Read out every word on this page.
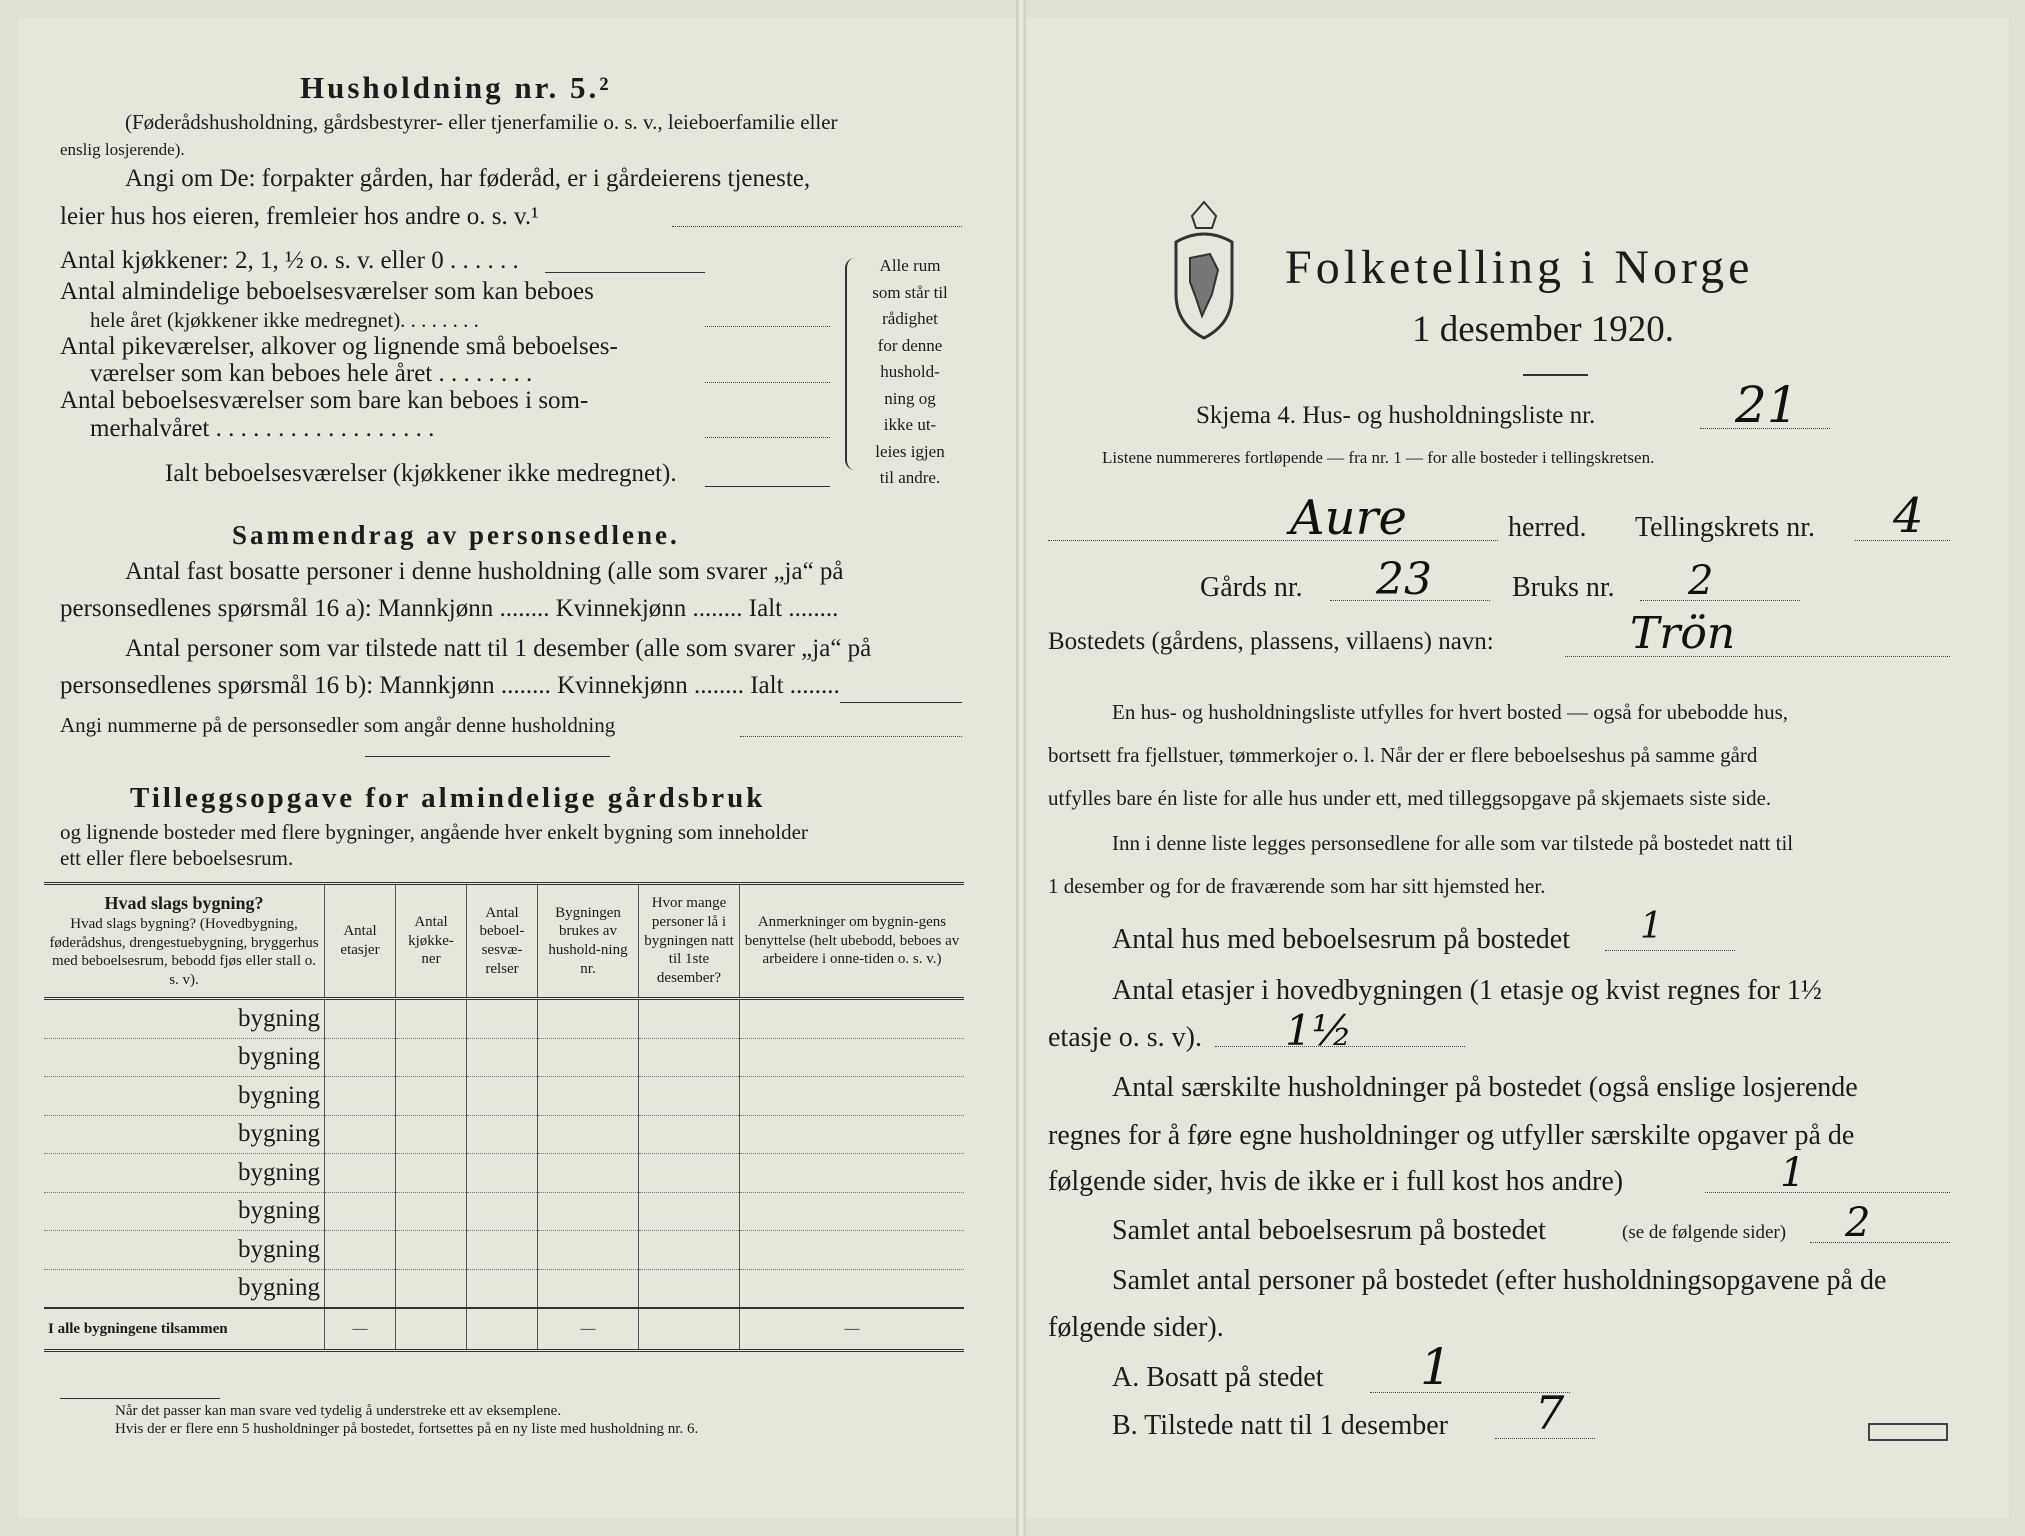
Husholdning nr. 5.²
(Føderådshusholdning, gårdsbestyrer- eller tjenerfamilie o. s. v., leieboerfamilie eller
enslig losjerende).
Angi om De: forpakter gården, har føderåd, er i gårdeierens tjeneste,
leier hus hos eieren, fremleier hos andre o. s. v.¹
Antal kjøkkener: 2, 1, ½ o. s. v. eller 0 . . . . . .
Antal almindelige beboelsesværelser som kan beboes
hele året (kjøkkener ikke medregnet). . . . . . . .
Antal pikeværelser, alkover og lignende små beboelses-
værelser som kan beboes hele året . . . . . . . .
Antal beboelsesværelser som bare kan beboes i som-
merhalvåret . . . . . . . . . . . . . . . . . .
Ialt beboelsesværelser (kjøkkener ikke medregnet).
Alle rum
som står til
rådighet
for denne
hushold-
ning og
ikke ut-
leies igjen
til andre.
Sammendrag av personsedlene.
Antal fast bosatte personer i denne husholdning (alle som svarer „ja“ på
personsedlenes spørsmål 16 a): Mannkjønn ........ Kvinnekjønn ........ Ialt ........
Antal personer som var tilstede natt til 1 desember (alle som svarer „ja“ på
personsedlenes spørsmål 16 b): Mannkjønn ........ Kvinnekjønn ........ Ialt ........
Angi nummerne på de personsedler som angår denne husholdning
Tilleggsopgave for almindelige gårdsbruk
og lignende bosteder med flere bygninger, angående hver enkelt bygning som inneholder
ett eller flere beboelsesrum.
Hvad slags bygning?
Hvad slags bygning? (Hovedbygning, føderådshus, drengestuebygning, bryggerhus med beboelsesrum, bebodd fjøs eller stall o. s. v).	Antal etasjer	Antal kjøkke-ner	Antal beboel-sesvæ-relser	Bygningen brukes av hushold-ning nr.	Hvor mange personer lå i bygningen natt til 1ste desember?	Anmerkninger om bygnin-gens benyttelse (helt ubebodd, beboes av arbeidere i onne-tiden o. s. v.)
bygning						
bygning						
bygning						
bygning						
bygning						
bygning						
bygning						
bygning						
I alle bygningene tilsammen	—			—		—
Når det passer kan man svare ved tydelig å understreke ett av eksemplene.
Hvis der er flere enn 5 husholdninger på bostedet, fortsettes på en ny liste med husholdning nr. 6.
Folketelling i Norge
1 desember 1920.
Skjema 4. Hus- og husholdningsliste nr.	21
Listene nummereres fortløpende — fra nr. 1 — for alle bosteder i tellingskretsen.
Aure	herred. Tellingskrets nr. 4
Gårds nr. 23	Bruks nr. 2
Bostedets (gårdens, plassens, villaens) navn:	Trön
En hus- og husholdningsliste utfylles for hvert bosted — også for ubebodde hus,
bortsett fra fjellstuer, tømmerkojer o. l. Når der er flere beboelseshus på samme gård
utfylles bare én liste for alle hus under ett, med tilleggsopgave på skjemaets siste side.
Inn i denne liste legges personsedlene for alle som var tilstede på bostedet natt til
1 desember og for de fraværende som har sitt hjemsted her.
Antal hus med beboelsesrum på bostedet 1
Antal etasjer i hovedbygningen (1 etasje og kvist regnes for 1½
etasje o. s. v). 1½
Antal særskilte husholdninger på bostedet (også enslige losjerende
regnes for å føre egne husholdninger og utfyller særskilte opgaver på de
følgende sider, hvis de ikke er i full kost hos andre)	1
Samlet antal beboelsesrum på bostedet	(se de følgende sider) 2
Samlet antal personer på bostedet (efter husholdningsopgavene på de
følgende sider).
A. Bosatt på stedet 1
B. Tilstede natt til 1 desember 7
